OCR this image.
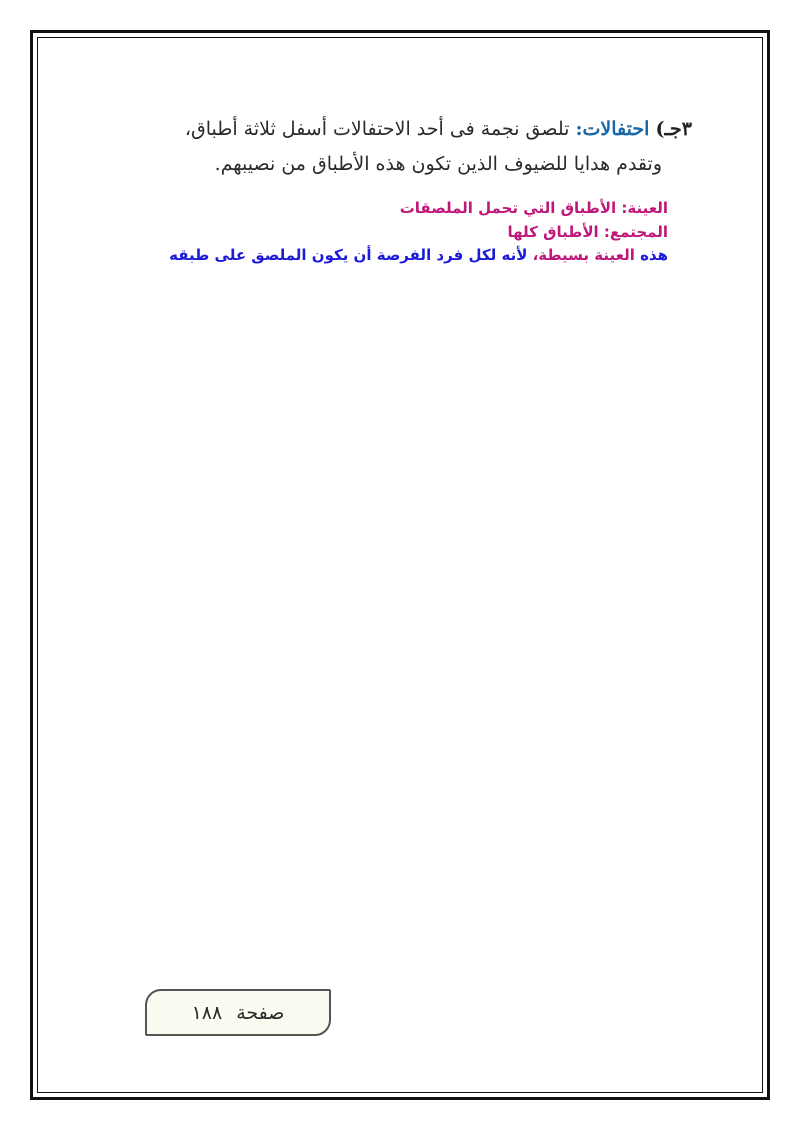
٣جـ) احتفالات: تلصق نجمة فى أحد الاحتفالات أسفل ثلاثة أطباق،
وتقدم هدايا للضيوف الذين تكون هذه الأطباق من نصيبهم.
العينة: الأطباق التي تحمل الملصقات
المجتمع: الأطباق كلها
هذه العينة بسيطة، لأنه لكل فرد الفرصة أن يكون الملصق على طبقه
صفحة
١٨٨
